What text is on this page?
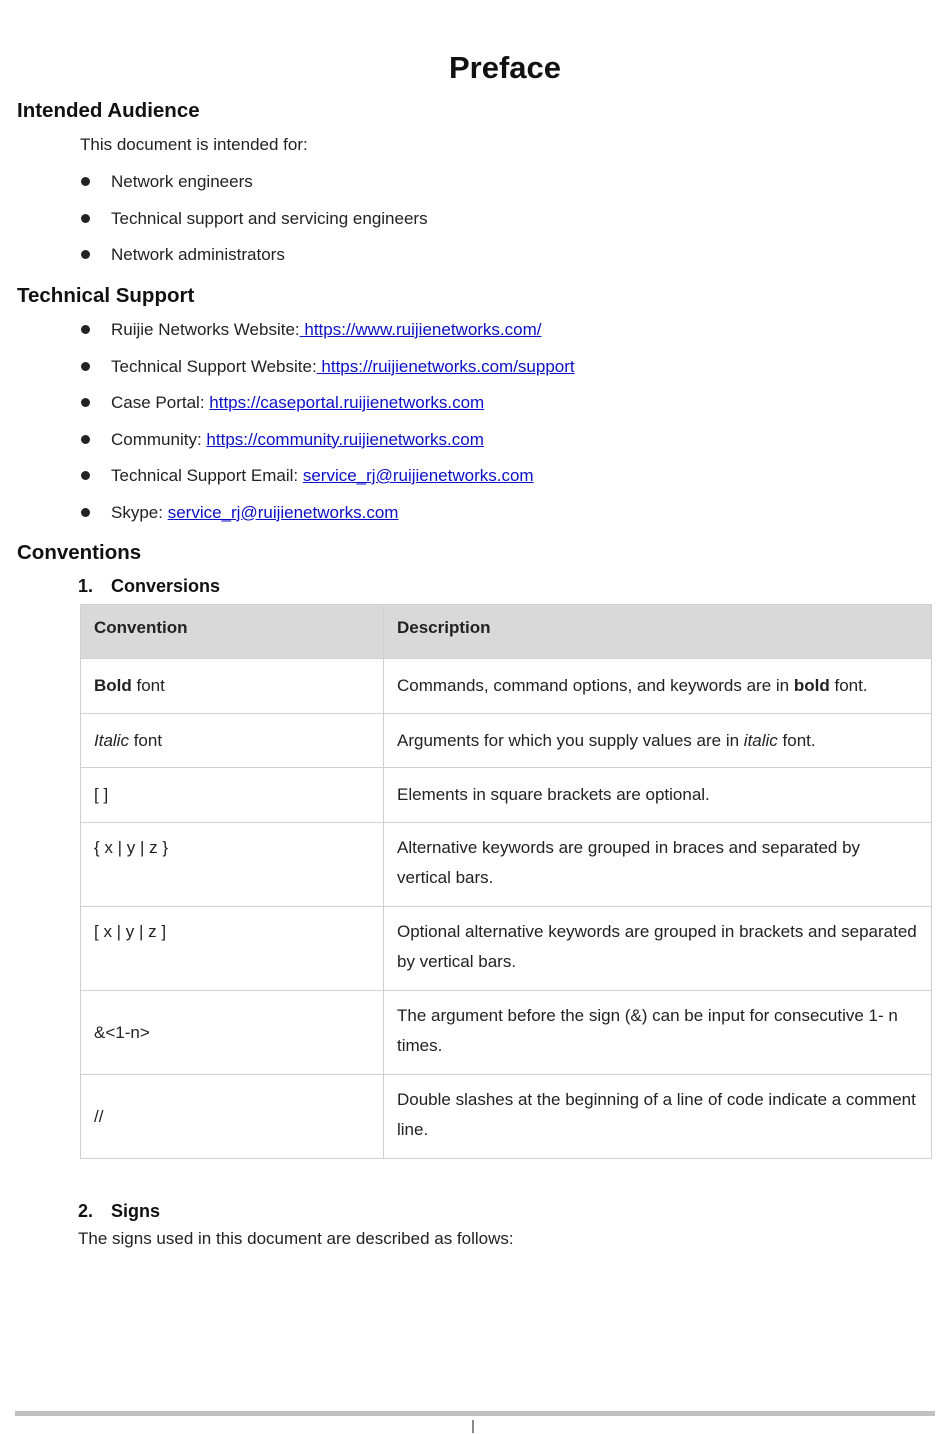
Preface
Intended Audience
This document is intended for:
Network engineers
Technical support and servicing engineers
Network administrators
Technical Support
Ruijie Networks Website: https://www.ruijienetworks.com/
Technical Support Website: https://ruijienetworks.com/support
Case Portal: https://caseportal.ruijienetworks.com
Community: https://community.ruijienetworks.com
Technical Support Email: service_rj@ruijienetworks.com
Skype: service_rj@ruijienetworks.com
Conventions
1. Conversions
Convention	Description
Bold font	Commands, command options, and keywords are in bold font.
Italic font	Arguments for which you supply values are in italic font.
[ ]	Elements in square brackets are optional.
{ x | y | z }	Alternative keywords are grouped in braces and separated by vertical bars.
[ x | y | z ]	Optional alternative keywords are grouped in brackets and separated by vertical bars.
&<1-n>	The argument before the sign (&) can be input for consecutive 1- n times.
//	Double slashes at the beginning of a line of code indicate a comment line.
2. Signs
The signs used in this document are described as follows:
